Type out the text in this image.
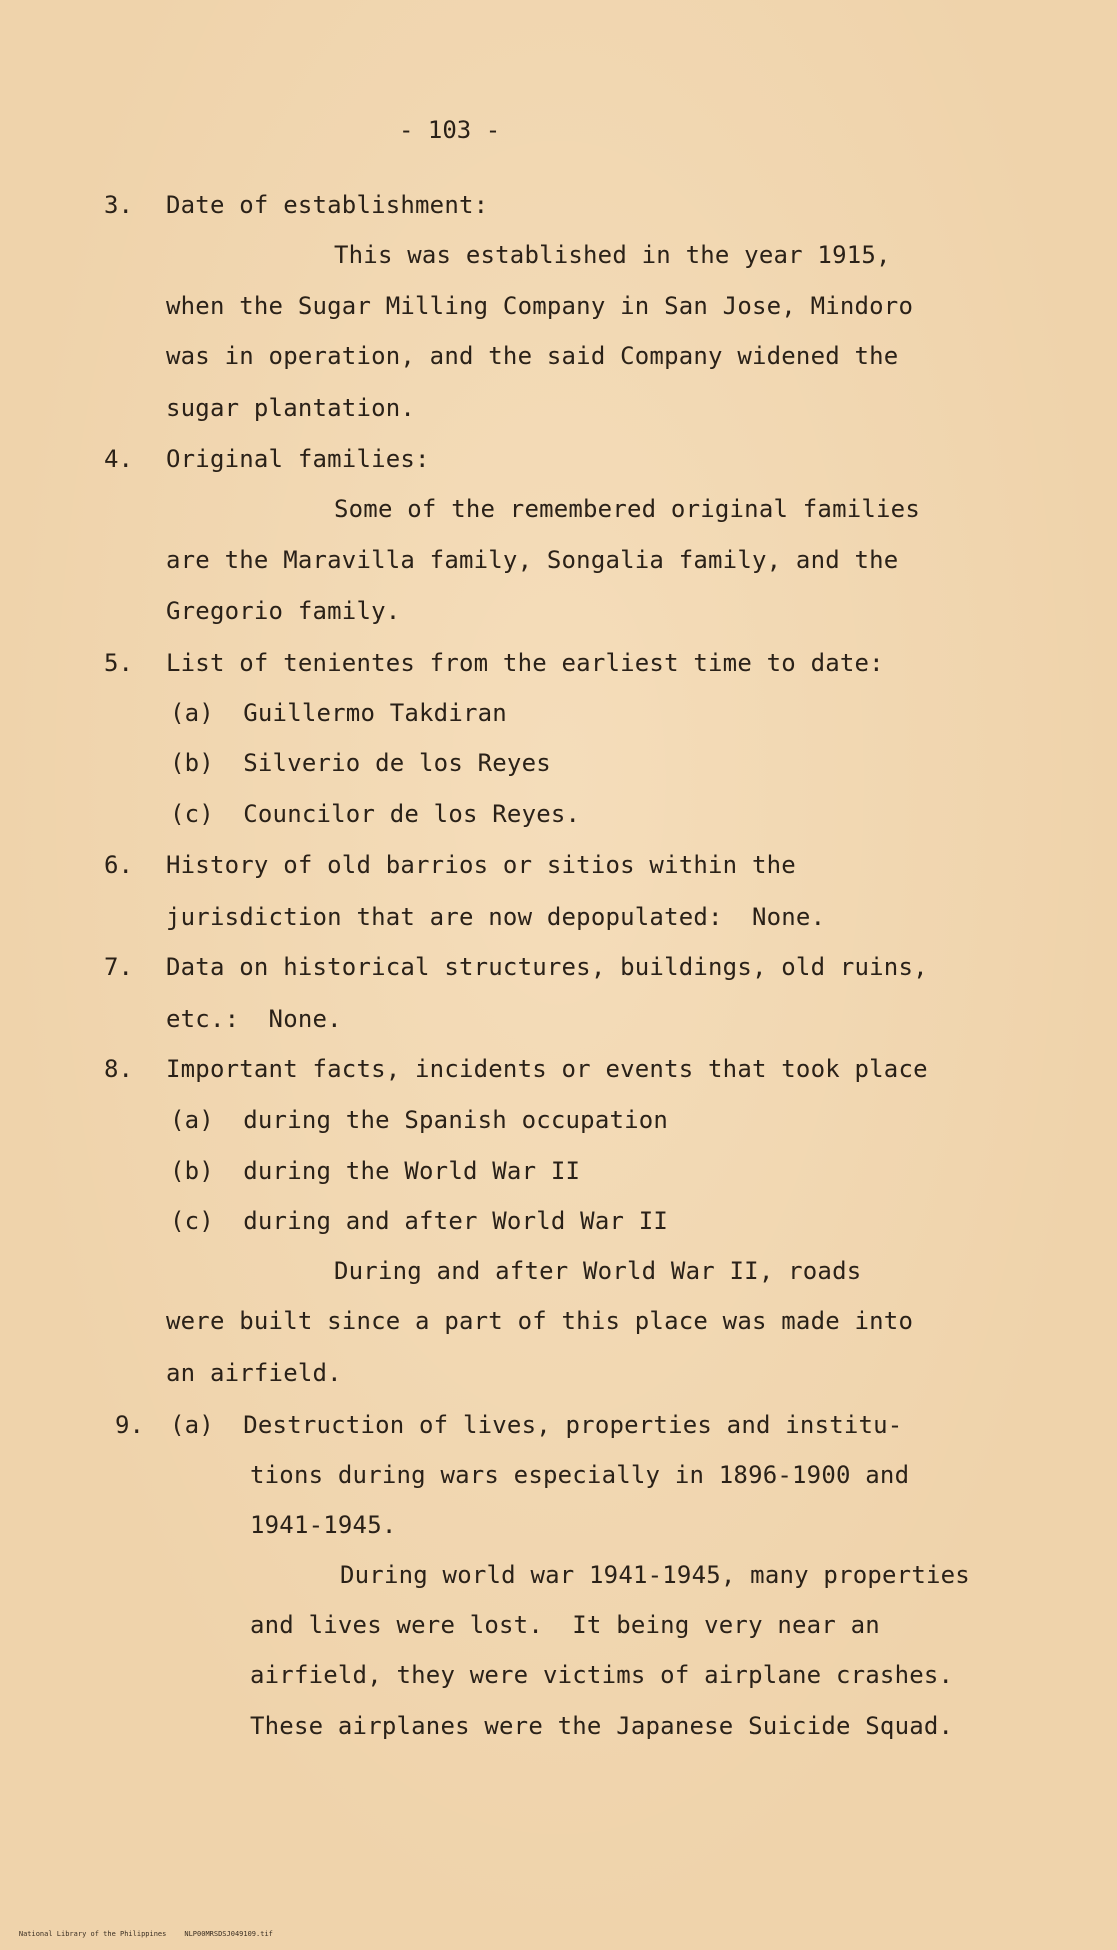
- 103 -
3. Date of establishment:
This was established in the year 1915,
when the Sugar Milling Company in San Jose, Mindoro
was in operation, and the said Company widened the
sugar plantation.
4. Original families:
Some of the remembered original families
are the Maravilla family, Songalia family, and the
Gregorio family.
5. List of tenientes from the earliest time to date:
(a)  Guillermo Takdiran
(b)  Silverio de los Reyes
(c)  Councilor de los Reyes.
6. History of old barrios or sitios within the
jurisdiction that are now depopulated:  None.
7. Data on historical structures, buildings, old ruins,
etc.:  None.
8. Important facts, incidents or events that took place
(a)  during the Spanish occupation
(b)  during the World War II
(c)  during and after World War II
During and after World War II, roads
were built since a part of this place was made into
an airfield.
9. (a)  Destruction of lives, properties and institu-
tions during wars especially in 1896-1900 and
1941-1945.
During world war 1941-1945, many properties
and lives were lost.  It being very near an
airfield, they were victims of airplane crashes.
These airplanes were the Japanese Suicide Squad.

National Library of the Philippines	NLP00MRSDSJ049109.tif
